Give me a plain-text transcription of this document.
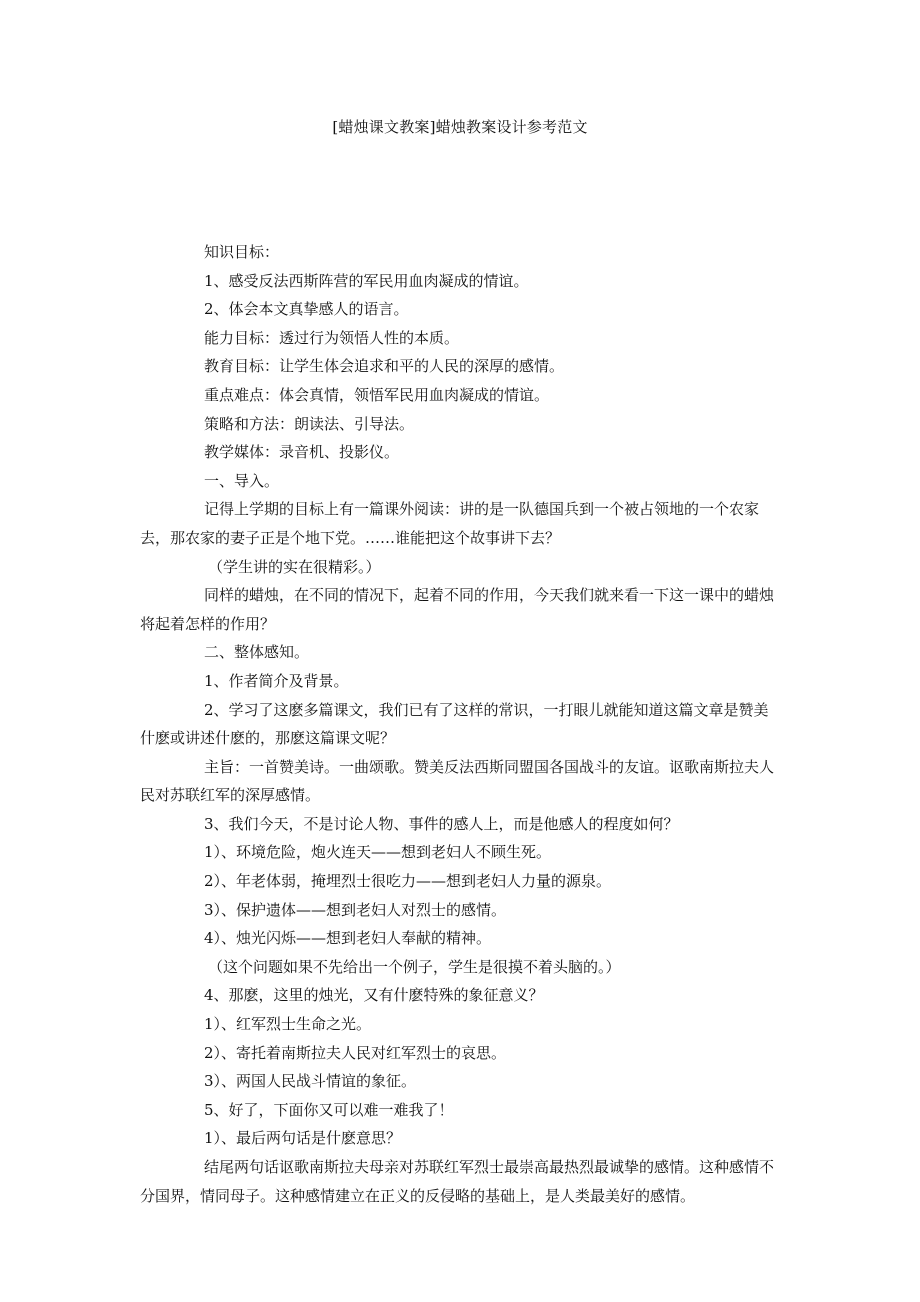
[蜡烛课文教案]蜡烛教案设计参考范文

知识目标：

1、感受反法西斯阵营的军民用血肉凝成的情谊。

2、体会本文真挚感人的语言。

能力目标：透过行为领悟人性的本质。

教育目标：让学生体会追求和平的人民的深厚的感情。

重点难点：体会真情，领悟军民用血肉凝成的情谊。

策略和方法：朗读法、引导法。

教学媒体：录音机、投影仪。

一、导入。

记得上学期的目标上有一篇课外阅读：讲的是一队德国兵到一个被占领地的一个农家去，那农家的妻子正是个地下党。……谁能把这个故事讲下去？

（学生讲的实在很精彩。）

同样的蜡烛，在不同的情况下，起着不同的作用，今天我们就来看一下这一课中的蜡烛将起着怎样的作用？

二、整体感知。

1、作者简介及背景。

2、学习了这麽多篇课文，我们已有了这样的常识，一打眼儿就能知道这篇文章是赞美什麽或讲述什麽的，那麽这篇课文呢？

主旨：一首赞美诗。一曲颂歌。赞美反法西斯同盟国各国战斗的友谊。讴歌南斯拉夫人民对苏联红军的深厚感情。

3、我们今天，不是讨论人物、事件的感人上，而是他感人的程度如何？

1）、环境危险，炮火连天——想到老妇人不顾生死。

2）、年老体弱，掩埋烈士很吃力——想到老妇人力量的源泉。

3）、保护遗体——想到老妇人对烈士的感情。

4）、烛光闪烁——想到老妇人奉献的精神。

（这个问题如果不先给出一个例子，学生是很摸不着头脑的。）

4、那麽，这里的烛光，又有什麽特殊的象征意义？

1）、红军烈士生命之光。

2）、寄托着南斯拉夫人民对红军烈士的哀思。

3）、两国人民战斗情谊的象征。

5、好了，下面你又可以难一难我了！

1）、最后两句话是什麽意思？

结尾两句话讴歌南斯拉夫母亲对苏联红军烈士最崇高最热烈最诚挚的感情。这种感情不分国界，情同母子。这种感情建立在正义的反侵略的基础上，是人类最美好的感情。
